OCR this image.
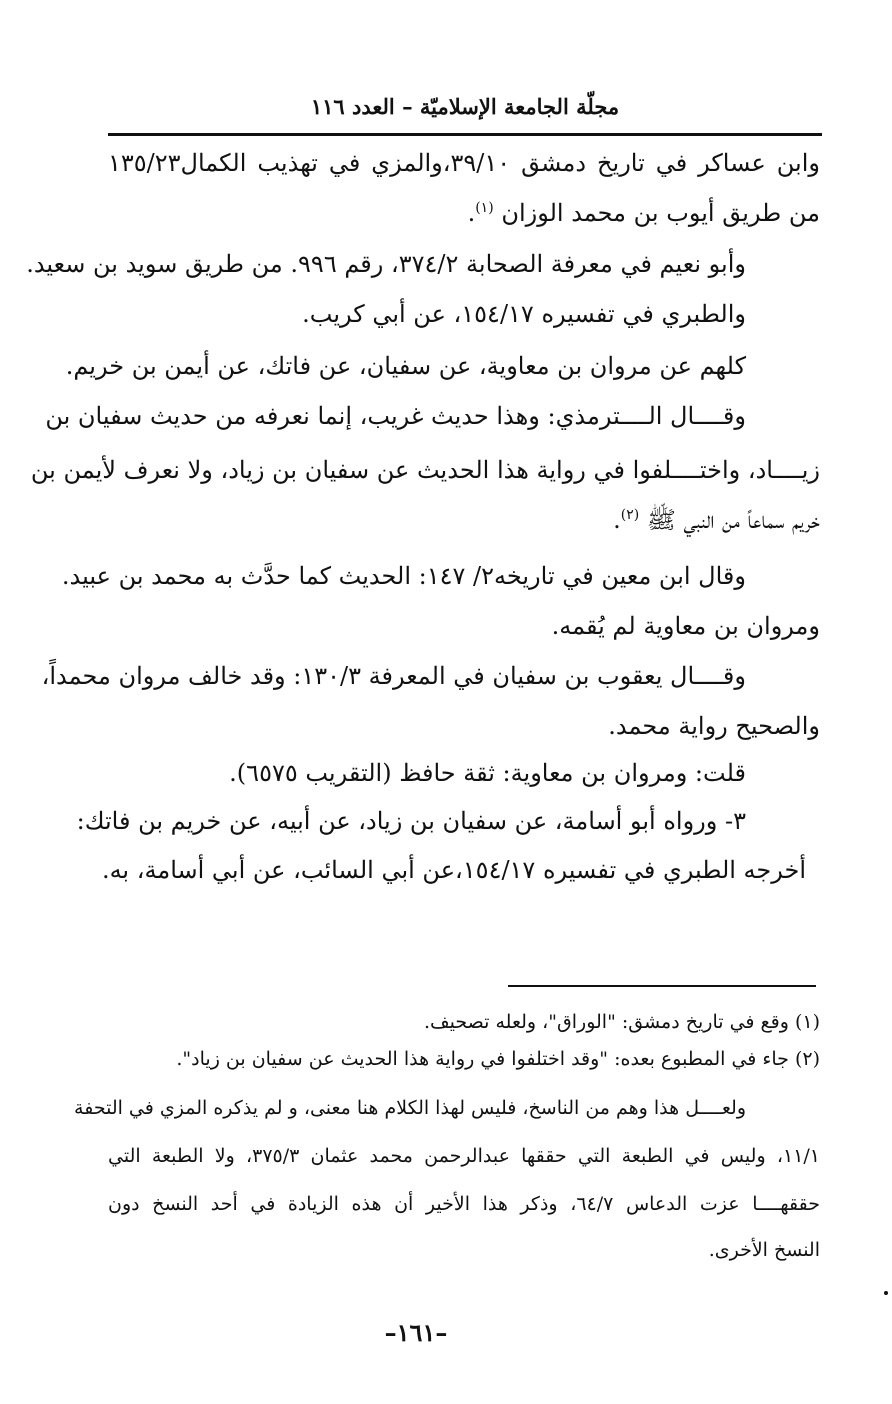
مجلّة الجامعة الإسلاميّة – العدد ١١٦
وابن عساكر في تاريخ دمشق ٣٩/١٠،والمزي في تهذيب الكمال١٣٥/٢٣
من طريق أيوب بن محمد الوزان $^{(١)}$.
وأبو نعيم في معرفة الصحابة ٣٧٤/٢، رقم ٩٩٦. من طريق سويد بن سعيد.
والطبري في تفسيره ١٥٤/١٧، عن أبي كريب.
كلهم عن مروان بن معاوية، عن سفيان، عن فاتك، عن أيمن بن خريم.
وقــــال الــــترمذي: وهذا حديث غريب، إنما نعرفه من حديث سفيان بن
زيــــاد، واختــــلفوا في رواية هذا الحديث عن سفيان بن زياد، ولا نعرف لأيمن بن
خريم سماعاً من النبي ﷺ $^{(٢)}$.
وقال ابن معين في تاريخه٢/ ١٤٧: الحديث كما حدَّث به محمد بن عبيد.
ومروان بن معاوية لم يُقمه.
وقــــال يعقوب بن سفيان في المعرفة ١٣٠/٣: وقد خالف مروان محمداً،
والصحيح رواية محمد.
قلت: ومروان بن معاوية: ثقة حافظ (التقريب ٦٥٧٥).
٣- ورواه أبو أسامة، عن سفيان بن زياد، عن أبيه، عن خريم بن فاتك:
أخرجه الطبري في تفسيره ١٥٤/١٧،عن أبي السائب، عن أبي أسامة، به.
(١) وقع في تاريخ دمشق: "الوراق"، ولعله تصحيف.
(٢) جاء في المطبوع بعده: "وقد اختلفوا في رواية هذا الحديث عن سفيان بن زياد".
ولعــــل هذا وهم من الناسخ، فليس لهذا الكلام هنا معنى، و لم يذكره المزي في التحفة
١١/١، وليس في الطبعة التي حققها عبدالرحمن محمد عثمان ٣٧٥/٣، ولا الطبعة التي
حققهــــا عزت الدعاس ٦٤/٧، وذكر هذا الأخير أن هذه الزيادة في أحد النسخ دون
النسخ الأخرى.
–١٦١–
